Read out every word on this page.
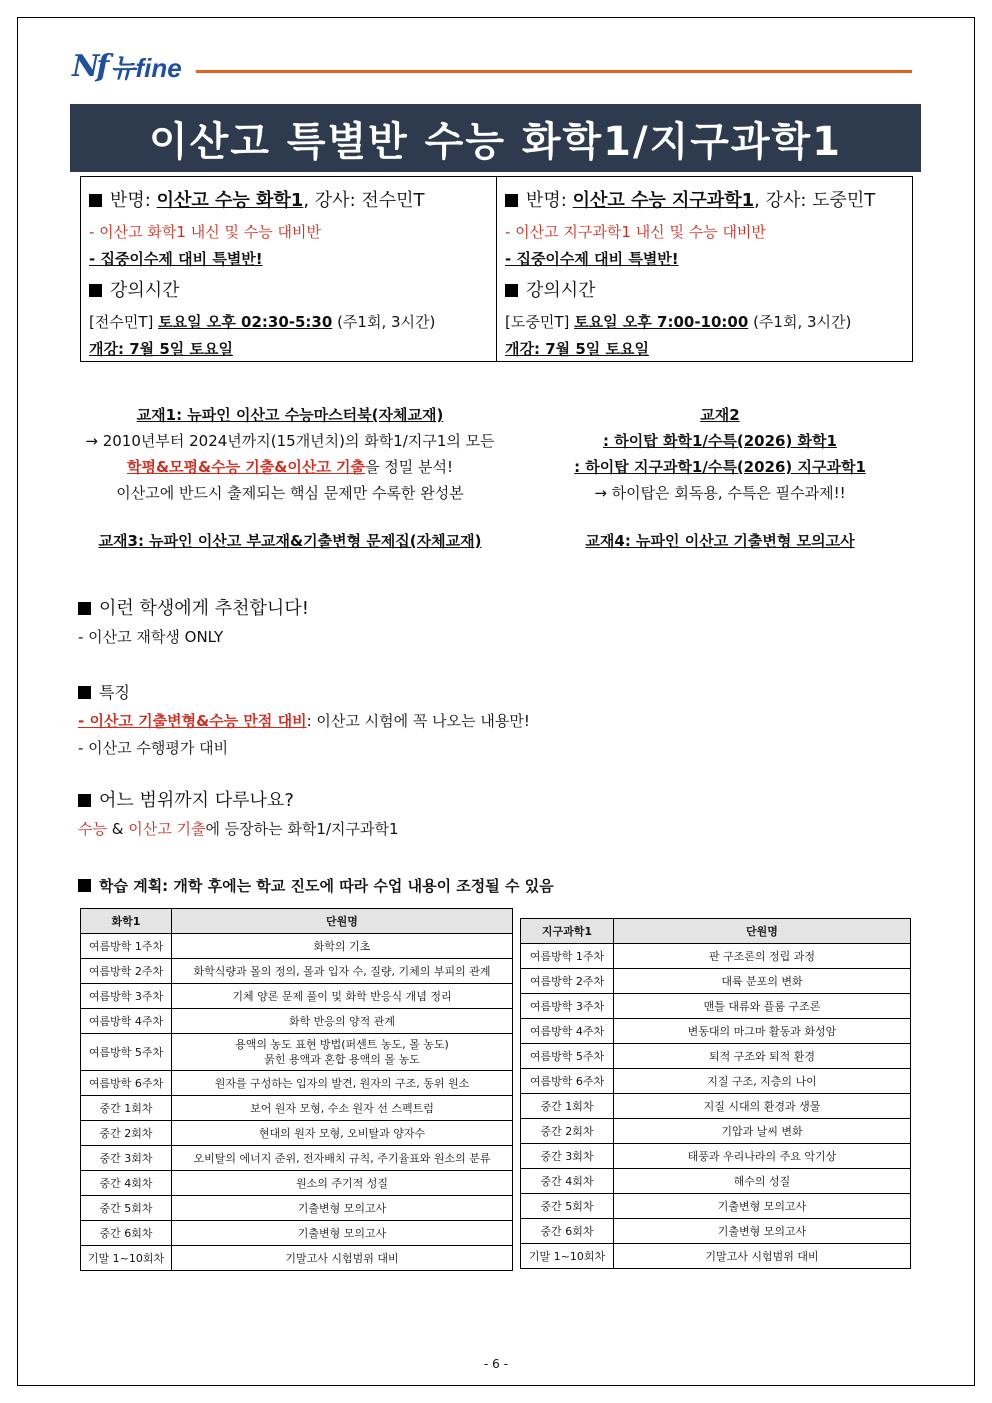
Nf 뉴fine
이산고 특별반 수능 화학1/지구과학1
반명: 이산고 수능 화학1, 강사: 전수민T
- 이산고 화학1 내신 및 수능 대비반
- 집중이수제 대비 특별반!
강의시간
[전수민T] 토요일 오후 02:30-5:30 (주1회, 3시간)
개강: 7월 5일 토요일
반명: 이산고 수능 지구과학1, 강사: 도중민T
- 이산고 지구과학1 내신 및 수능 대비반
- 집중이수제 대비 특별반!
강의시간
[도중민T] 토요일 오후 7:00-10:00 (주1회, 3시간)
개강: 7월 5일 토요일
교재1: 뉴파인 이산고 수능마스터북(자체교재)
→ 2010년부터 2024년까지(15개년치)의 화학1/지구1의 모든
학평&모평&수능 기출&이산고 기출을 정밀 분석!
이산고에 반드시 출제되는 핵심 문제만 수록한 완성본
교재3: 뉴파인 이산고 부교재&기출변형 문제집(자체교재)
교재2
: 하이탑 화학1/수특(2026) 화학1
: 하이탑 지구과학1/수특(2026) 지구과학1
→ 하이탑은 회독용, 수특은 필수과제!!
교재4: 뉴파인 이산고 기출변형 모의고사
이런 학생에게 추천합니다!
- 이산고 재학생 ONLY
특징
- 이산고 기출변형&수능 만점 대비: 이산고 시험에 꼭 나오는 내용만!
- 이산고 수행평가 대비
어느 범위까지 다루나요?
수능 & 이산고 기출에 등장하는 화학1/지구과학1
학습 계획: 개학 후에는 학교 진도에 따라 수업 내용이 조정될 수 있음
화학1	단원명
여름방학 1주차	화학의 기초
여름방학 2주차	화학식량과 몰의 정의, 몰과 입자 수, 질량, 기체의 부피의 관계
여름방학 3주차	기체 양론 문제 풀이 및 화학 반응식 개념 정리
여름방학 4주차	화학 반응의 양적 관계
여름방학 5주차	용액의 농도 표현 방법(퍼센트 농도, 몰 농도)
묽힌 용액과 혼합 용액의 몰 농도

여름방학 6주차	원자를 구성하는 입자의 발견, 원자의 구조, 동위 원소
중간 1회차	보어 원자 모형, 수소 원자 선 스펙트럼
중간 2회차	현대의 원자 모형, 오비탈과 양자수
중간 3회차	오비탈의 에너지 준위, 전자배치 규칙, 주기율표와 원소의 분류
중간 4회차	원소의 주기적 성질
중간 5회차	기출변형 모의고사
중간 6회차	기출변형 모의고사
기말 1~10회차	기말고사 시험범위 대비
지구과학1	단원명
여름방학 1주차	판 구조론의 정립 과정
여름방학 2주차	대륙 분포의 변화
여름방학 3주차	맨틀 대류와 플룸 구조론
여름방학 4주차	변동대의 마그마 활동과 화성암
여름방학 5주차	퇴적 구조와 퇴적 환경
여름방학 6주차	지질 구조, 지층의 나이
중간 1회차	지질 시대의 환경과 생물
중간 2회차	기압과 날씨 변화
중간 3회차	태풍과 우리나라의 주요 악기상
중간 4회차	해수의 성질
중간 5회차	기출변형 모의고사
중간 6회차	기출변형 모의고사
기말 1~10회차	기말고사 시험범위 대비
- 6 -
